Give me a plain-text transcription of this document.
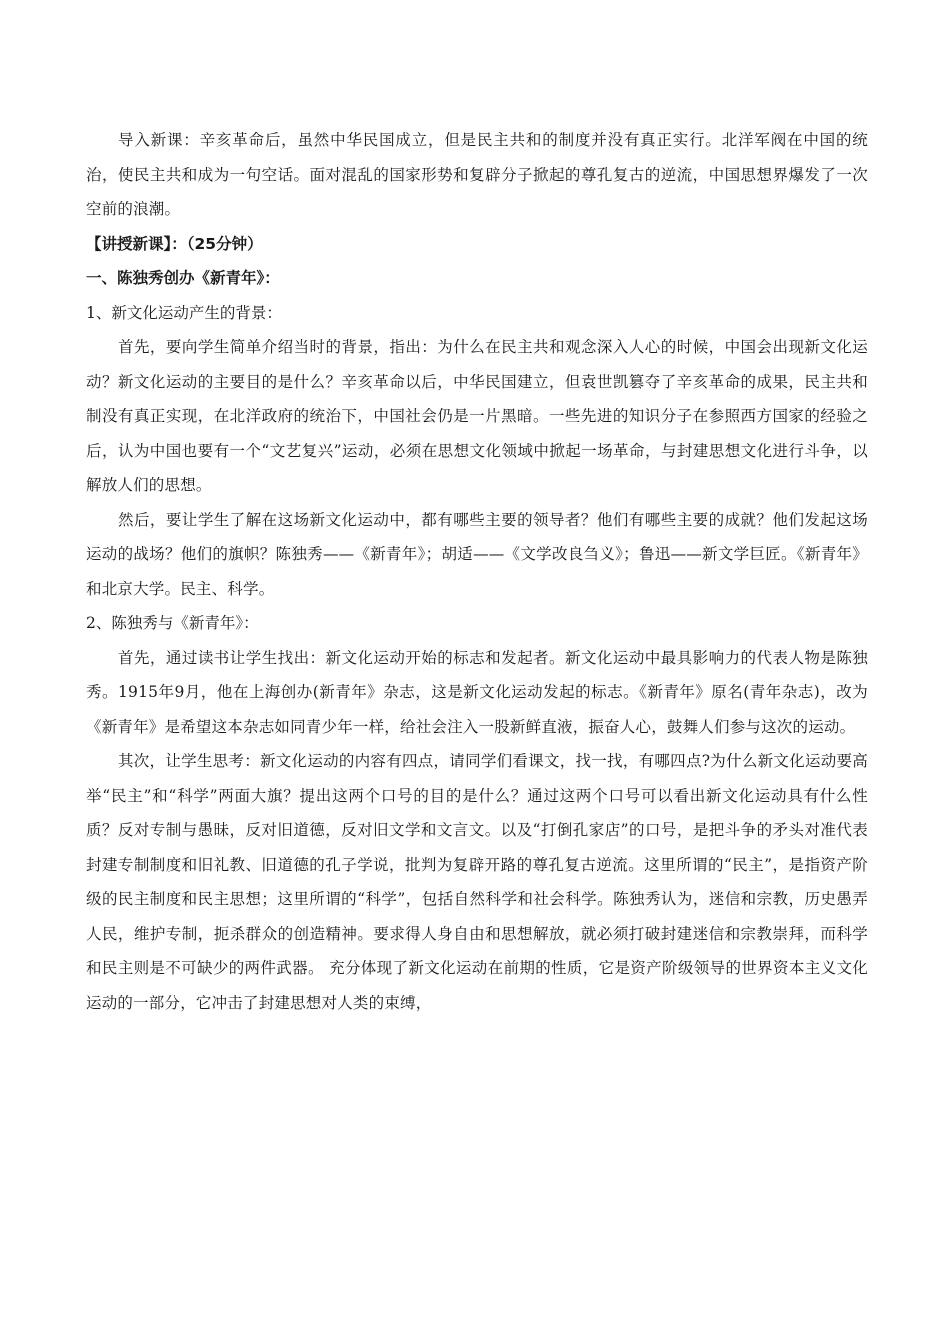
导入新课：辛亥革命后，虽然中华民国成立，但是民主共和的制度并没有真正实行。北洋军阀在中国的统治，使民主共和成为一句空话。面对混乱的国家形势和复辟分子掀起的尊孔复古的逆流，中国思想界爆发了一次空前的浪潮。

【讲授新课】：（25分钟）

一、陈独秀创办《新青年》：

1、新文化运动产生的背景：

首先，要向学生简单介绍当时的背景，指出：为什么在民主共和观念深入人心的时候，中国会出现新文化运动？新文化运动的主要目的是什么？辛亥革命以后，中华民国建立，但袁世凯篡夺了辛亥革命的成果，民主共和制没有真正实现，在北洋政府的统治下，中国社会仍是一片黑暗。一些先进的知识分子在参照西方国家的经验之后，认为中国也要有一个“文艺复兴”运动，必须在思想文化领域中掀起一场革命，与封建思想文化进行斗争，以解放人们的思想。

然后，要让学生了解在这场新文化运动中，都有哪些主要的领导者？他们有哪些主要的成就？他们发起这场运动的战场？他们的旗帜？陈独秀——《新青年》；胡适——《文学改良刍义》；鲁迅——新文学巨匠。《新青年》和北京大学。民主、科学。

2、陈独秀与《新青年》：

首先，通过读书让学生找出：新文化运动开始的标志和发起者。新文化运动中最具影响力的代表人物是陈独秀。1915年9月，他在上海创办(新青年》杂志，这是新文化运动发起的标志。《新青年》原名(青年杂志)，改为《新青年》是希望这本杂志如同青少年一样，给社会注入一股新鲜直液，振奋人心，鼓舞人们参与这次的运动。

其次，让学生思考：新文化运动的内容有四点，请同学们看课文，找一找，有哪四点?为什么新文化运动要高举“民主”和“科学”两面大旗？提出这两个口号的目的是什么？通过这两个口号可以看出新文化运动具有什么性质？反对专制与愚昧，反对旧道德，反对旧文学和文言文。以及“打倒孔家店”的口号，是把斗争的矛头对准代表封建专制制度和旧礼教、旧道德的孔子学说，批判为复辟开路的尊孔复古逆流。这里所谓的“民主”，是指资产阶级的民主制度和民主思想；这里所谓的“科学”，包括自然科学和社会科学。陈独秀认为，迷信和宗教，历史愚弄人民，维护专制，扼杀群众的创造精神。要求得人身自由和思想解放，就必须打破封建迷信和宗教崇拜，而科学和民主则是不可缺少的两件武器。 充分体现了新文化运动在前期的性质，它是资产阶级领导的世界资本主义文化运动的一部分，它冲击了封建思想对人类的束缚，
